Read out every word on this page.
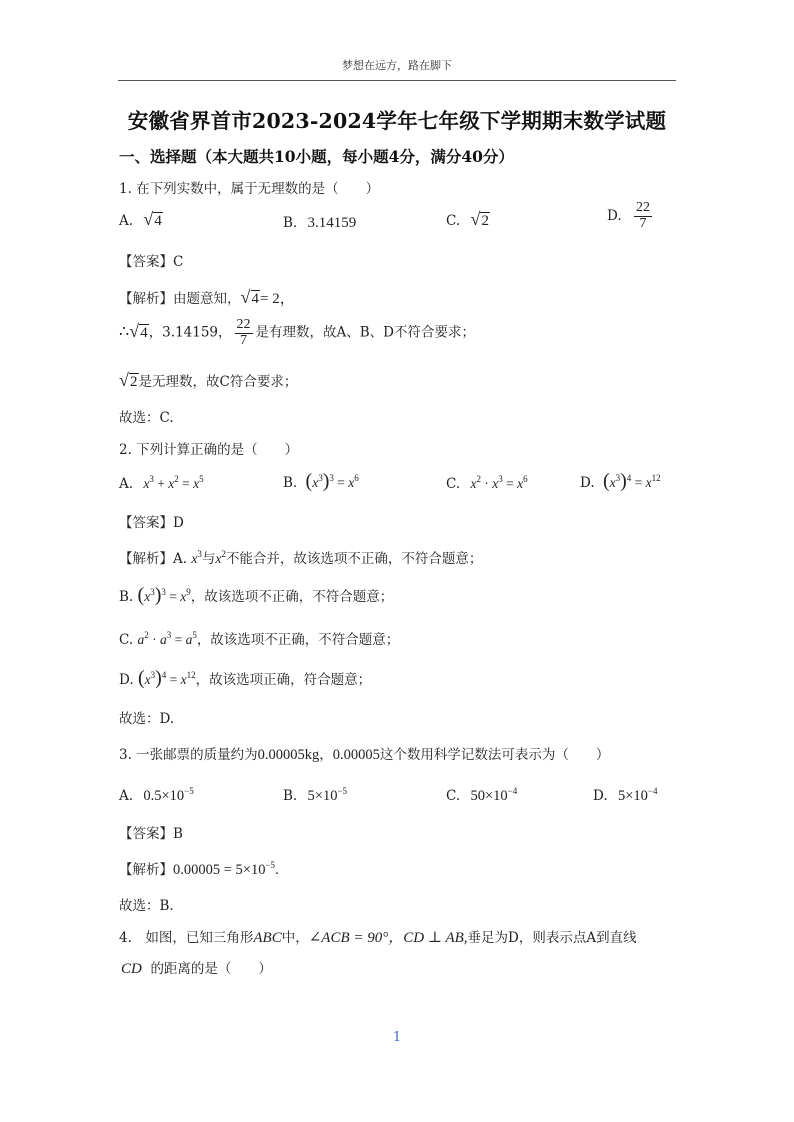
梦想在远方，路在脚下
安徽省界首市2023-2024学年七年级下学期期末数学试题
一、选择题（本大题共10小题，每小题4分，满分40分）
1. 在下列实数中，属于无理数的是（　　）
A. √ 4	B. 3.14159	C. √ 2	D. $\frac{22}{7}$
【答案】C
【解析】由题意知， √ 4= 2，
∴ √ 4，3.14159， $\frac{22}{7}$ 是有理数，故A、B、D不符合要求；
√ 2是无理数，故C符合要求；
故选：C.
2. 下列计算正确的是（　　）
A. $x^3 + x^2 = x^5$	B. $(x^3)^3 = x^6$	C. $x^2 \cdot x^3 = x^6$	D. $(x^3)^4 = x^{12}$
【答案】D
【解析】A. $x^3$与$x^2$不能合并，故该选项不正确，不符合题意；
B. $(x^3)^3 = x^9$，故该选项不正确，不符合题意；
C. $a^2 \cdot a^3 = a^5$，故该选项不正确，不符合题意；
D. $(x^3)^4 = x^{12}$，故该选项正确，符合题意；
故选：D.
3. 一张邮票的质量约为0.00005kg，0.00005这个数用科学记数法可表示为（　　）
A. $0.5\times 10^{-5}$	B. $5\times 10^{-5}$	C. $50\times 10^{-4}$	D. $5\times 10^{-4}$
【答案】B
【解析】$0.00005 = 5\times 10^{-5}$.
故选：B.
4.　如图，已知三角形ABC中，∠ACB = 90°，CD ⊥ AB,垂足为D，则表示点A到直线
CD 的距离的是（　　）
1
